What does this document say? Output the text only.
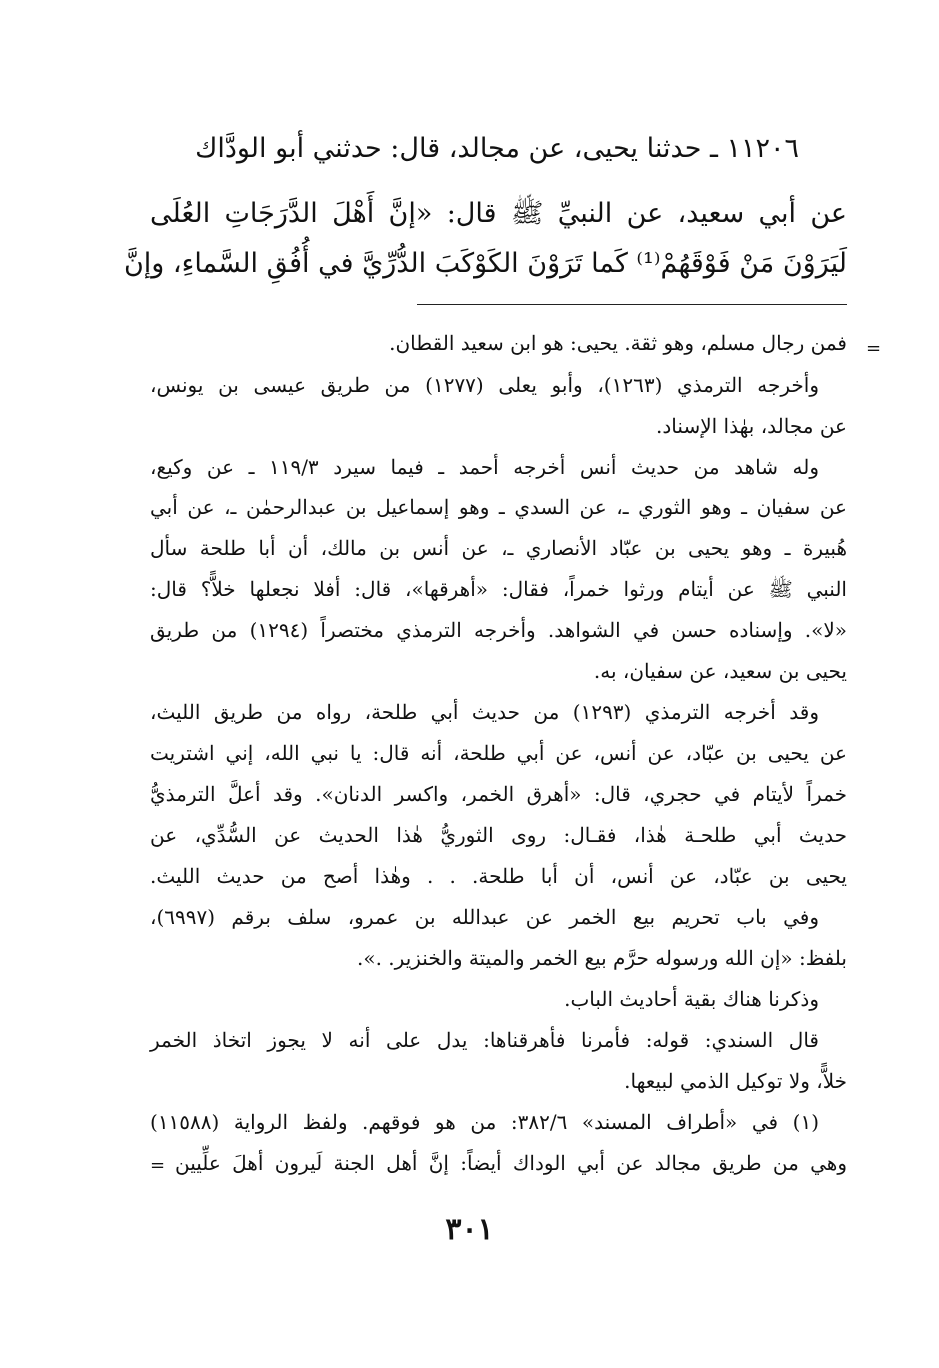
١١٢٠٦ ـ حدثنا يحيى، عن مجالد، قال: حدثني أبو الودَّاك
عن أبي سعيد، عن النبيِّ ﷺ قال: «إنَّ أَهْلَ الدَّرَجَاتِ العُلَى
لَيَرَوْنَ مَنْ فَوْقَهُمْ⁽¹⁾ كَما تَرَوْنَ الكَوْكَبَ الدُّرِّيَّ في أُفُقِ السَّماءِ، وإنَّ
=
فمن رجال مسلم، وهو ثقة. يحيى: هو ابن سعيد القطان.
وأخرجه الترمذي (١٢٦٣)، وأبو يعلى (١٢٧٧) من طريق عيسى بن يونس،
عن مجالد، بهٰذا الإسناد.
وله شاهد من حديث أنس أخرجه أحمد ـ فيما سيرد ١١٩/٣ ـ عن وكيع،
عن سفيان ـ وهو الثوري ـ، عن السدي ـ وهو إسماعيل بن عبدالرحمٰن ـ، عن أبي
هُبيرة ـ وهو يحيى بن عبّاد الأنصاري ـ، عن أنس بن مالك، أن أبا طلحة سأل
النبي ﷺ عن أيتام ورثوا خمراً، فقال: «أهرقها»، قال: أفلا نجعلها خلاًّ؟ قال:
«لا». وإسناده حسن في الشواهد. وأخرجه الترمذي مختصراً (١٢٩٤) من طريق
يحيى بن سعيد، عن سفيان، به.
وقد أخرجه الترمذي (١٢٩٣) من حديث أبي طلحة، رواه من طريق الليث،
عن يحيى بن عبّاد، عن أنس، عن أبي طلحة، أنه قال: يا نبي الله، إني اشتريت
خمراً لأيتام في حجري، قال: «أهرق الخمر، واكسر الدنان». وقد أعلَّ الترمذيُّ
حديث أبي طلحـة هٰذا، فقـال: روى الثوريُّ هٰذا الحديث عن السُّدِّي، عن
يحيى بن عبّاد، عن أنس، أن أبا طلحة. . . وهٰذا أصح من حديث الليث.
وفي باب تحريم بيع الخمر عن عبدالله بن عمرو، سلف برقم (٦٩٩٧)،
بلفظ: «إن الله ورسوله حرَّم بيع الخمر والميتة والخنزير. .».
وذكرنا هناك بقية أحاديث الباب.
قال السندي: قوله: فأمرنا فأهرقناها: يدل على أنه لا يجوز اتخاذ الخمر
خلاًّ، ولا توكيل الذمي لبيعها.
(١) في «أطراف المسند» ٣٨٢/٦: من هو فوقهم. ولفظ الرواية (١١٥٨٨)
وهي من طريق مجالد عن أبي الوداك أيضاً: إنَّ أهل الجنة لَيرون أهلَ علِّيين
=
٣٠١
